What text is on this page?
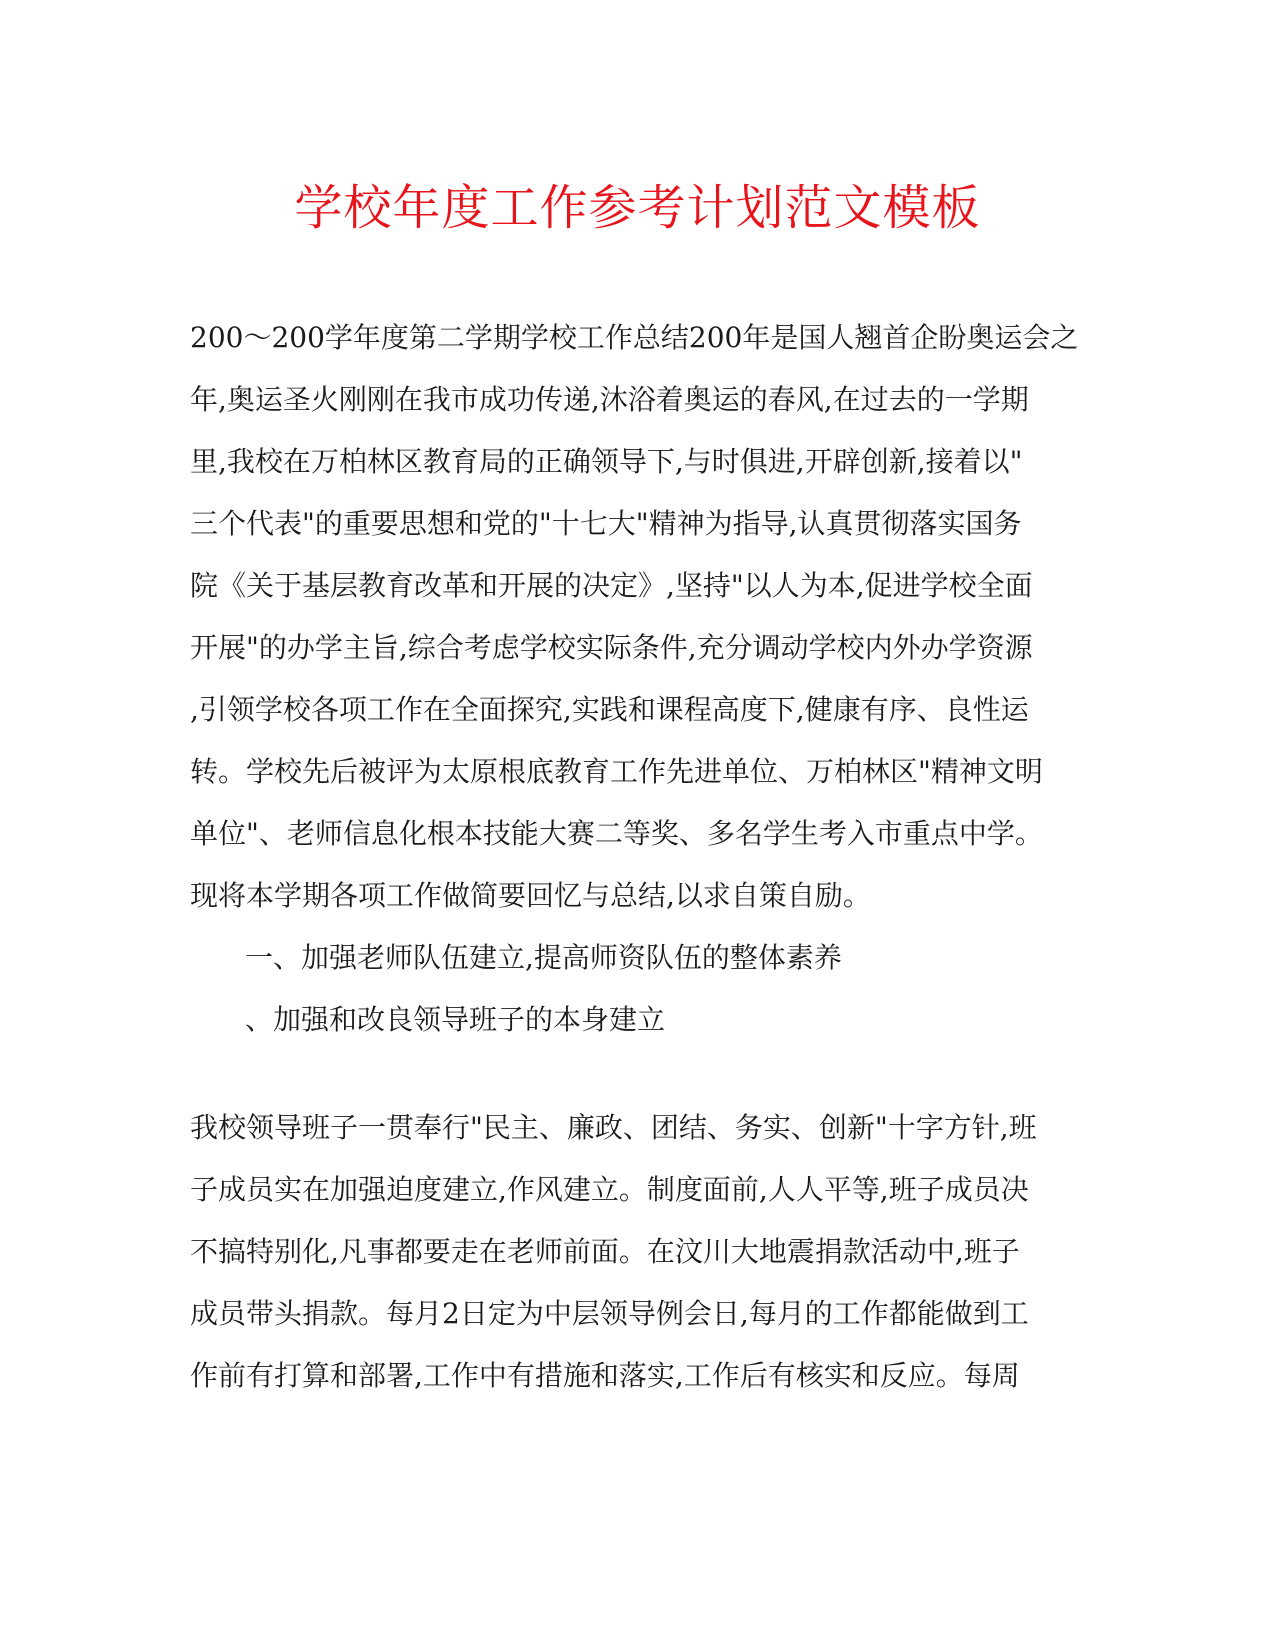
学校年度工作参考计划范文模板
200～200学年度第二学期学校工作总结200年是国人翘首企盼奥运会之
年,奥运圣火刚刚在我市成功传递,沐浴着奥运的春风,在过去的一学期
里,我校在万柏林区教育局的正确领导下,与时俱进,开辟创新,接着以"
三个代表"的重要思想和党的"十七大"精神为指导,认真贯彻落实国务
院《关于基层教育改革和开展的决定》,坚持"以人为本,促进学校全面
开展"的办学主旨,综合考虑学校实际条件,充分调动学校内外办学资源
,引领学校各项工作在全面探究,实践和课程高度下,健康有序、良性运
转。学校先后被评为太原根底教育工作先进单位、万柏林区"精神文明
单位"、老师信息化根本技能大赛二等奖、多名学生考入市重点中学。
现将本学期各项工作做简要回忆与总结,以求自策自励。
一、加强老师队伍建立,提高师资队伍的整体素养
、加强和改良领导班子的本身建立
我校领导班子一贯奉行"民主、廉政、团结、务实、创新"十字方针,班
子成员实在加强迫度建立,作风建立。制度面前,人人平等,班子成员决
不搞特别化,凡事都要走在老师前面。在汶川大地震捐款活动中,班子
成员带头捐款。每月2日定为中层领导例会日,每月的工作都能做到工
作前有打算和部署,工作中有措施和落实,工作后有核实和反应。每周
